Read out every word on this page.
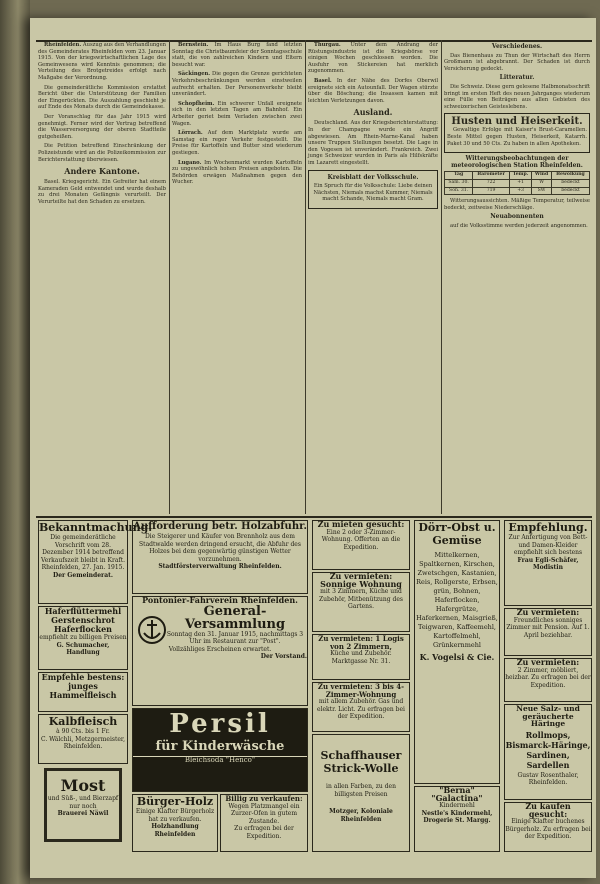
Rheinfelden. Auszug aus den Verhandlungen des Gemeinderates Rheinfelden vom 23. Januar 1915. Von der kriegswirtschaftlichen Lage des Gemeinwesens wird Kenntnis genommen; die Verteilung des Brotgetreides erfolgt nach Maßgabe der Verordnung.

Die gemeinderätliche Kommission erstattet Bericht über die Unterstützung der Familien der Eingerückten. Die Auszahlung geschieht je auf Ende des Monats durch die Gemeindekasse.

Der Voranschlag für das Jahr 1915 wird genehmigt. Ferner wird der Vertrag betreffend die Wasserversorgung der oberen Stadtteile gutgeheißen.

Die Petition betreffend Einschränkung der Polizeistunde wird an die Polizeikommission zur Berichterstattung überwiesen.

Andere Kantone.

Basel. Kriegsgericht. Ein Gefreiter hat einem Kameraden Geld entwendet und wurde deshalb zu drei Monaten Gefängnis verurteilt. Der Verurteilte hat den Schaden zu ersetzen.

Bernstein. Im Haus Burg fand letzten Sonntag die Christbaumfeier der Sonntagsschule statt, die von zahlreichen Kindern und Eltern besucht war.

Säckingen. Die gegen die Grenze gerichteten Verkehrsbeschränkungen werden einstweilen aufrecht erhalten. Der Personenverkehr bleibt unverändert.

Schopfheim. Ein schwerer Unfall ereignete sich in den letzten Tagen am Bahnhof. Ein Arbeiter geriet beim Verladen zwischen zwei Wagen.

Lörrach. Auf dem Marktplatz wurde am Samstag ein reger Verkehr festgestellt. Die Preise für Kartoffeln und Butter sind wiederum gestiegen.

Lugano. Im Wochenmarkt wurden Kartoffeln zu ungewöhnlich hohen Preisen angeboten. Die Behörden erwägen Maßnahmen gegen den Wucher.

Thurgau. Unter dem Andrang der Rüstungsindustrie ist die Kriegsbörse vor einigen Wochen geschlossen worden. Die Ausfuhr von Stickereien hat merklich zugenommen.

Basel. In der Nähe des Dorfes Oberwil ereignete sich ein Autounfall. Der Wagen stürzte über die Böschung; die Insassen kamen mit leichten Verletzungen davon.

Ausland.

Deutschland. Aus der Kriegsberichterstattung: In der Champagne wurde ein Angriff abgewiesen. Am Rhein-Marne-Kanal haben unsere Truppen Stellungen besetzt. Die Lage in den Vogesen ist unverändert. Frankreich. Zwei junge Schweizer wurden in Paris als Hilfskräfte im Lazarett eingestellt.

Kreisblatt der Volksschule.

Ein Spruch für die Volksschule: Liebe deinen Nächsten, Niemals machst Kummer, Niemals macht Schande, Niemals macht Gram.

Verschiedenes.

Das Bienenhaus zu Thun der Wirtschaft des Herrn Großmann ist abgebrannt. Der Schaden ist durch Versicherung gedeckt.

Litteratur.

Die Schweiz. Diese gern gelesene Halbmonatsschrift bringt im ersten Heft des neuen Jahrganges wiederum eine Fülle von Beiträgen aus allen Gebieten des schweizerischen Geisteslebens.

Husten und Heiserkeit.

Gewaltige Erfolge mit Kaiser's Brust-Caramellen. Beste Mittel gegen Husten, Heiserkeit, Katarrh. Paket 30 und 50 Cts. Zu haben in allen Apotheken.

Witterungsbeobachtungen der meteorologischen Station Rheinfelden.
Tag	Barometer	Temp.	Wind	Bewölkung
Sam. 30.	722	+1	W	bedeckt
Son. 31.	719	+3	SW	bedeckt

Witterungsaussichten. Mäßige Temperatur, teilweise bedeckt, zeitweise Niederschläge.

Neuabonnenten

auf die Volksstimme werden jederzeit angenommen.

Bekanntmachung.
Die gemeinderätliche Vorschrift vom 28. Dezember 1914 betreffend Verkaufszeit bleibt in Kraft.
Rheinfelden, 27. Jan. 1915.
Der Gemeinderat.
Haferflüttermehl Gerstenschrot Haferflocken
empfiehlt zu billigen Preisen
G. Schumacher, Handlung
Empfehle bestens: junges Hammelfleisch
Kalbfleisch
à 90 Cts. bis 1 Fr.
C. Wälchli, Metzgermeister, Rheinfelden.
Most
und Süß-, und Bierzapf nur noch
Brauerei Näwil
Aufforderung betr. Holzabfuhr.
Die Steigerer und Käufer von Brennholz aus dem Stadtwalde werden dringend ersucht, die Abfuhr des Holzes bei dem gegenwärtig günstigen Wetter vorzunehmen.
Stadtförsterverwaltung Rheinfelden.
Pontonier-Fahrverein Rheinfelden.
General-Versammlung
Sonntag den 31. Januar 1915, nachmittags 3 Uhr im Restaurant zur "Post".
Vollzähliges Erscheinen erwartet.
Der Vorstand.
Persil
für Kinderwäsche
Bleichsoda "Henco"
Bürger-Holz
Einige Klafter Bürgerholz hat zu verkaufen.
Holzhandlung Rheinfelden
Billig zu verkaufen:
Wegen Platzmangel ein Zurzer-Ofen in gutem Zustande.
Zu erfragen bei der Expedition.
Zu mieten gesucht:
Eine 2 oder 3-Zimmer-Wohnung. Offerten an die Expedition.
Zu vermieten: Sonnige Wohnung
mit 3 Zimmern, Küche und Zubehör, Mitbenützung des Gartens.
Zu vermieten: 1 Logis von 2 Zimmern,
Küche und Zubehör. Marktgasse Nr. 31.
Zu vermieten: 3 bis 4-Zimmer-Wohnung
mit allem Zubehör. Gas und elektr. Licht. Zu erfragen bei der Expedition.
Schaffhauser Strick-Wolle
in allen Farben, zu den billigsten Preisen
Motzger, Koloniale Rheinfelden
Dörr-Obst u. Gemüse
Mittelkernen, Spaltkernen, Kirschen, Zwetschgen, Kastanien, Reis, Rollgerste, Erbsen, grün, Bohnen, Haferflocken, Hafergrütze, Haferkernen, Maisgrieß, Teigwaren, Kaffeemehl, Kartoffelmehl, Grünkernmehl
K. Vogelsi & Cie.
"Berna" "Galactina"
Kindermehl
Nestle's Kindermehl, Drogerie St. Margg.
Empfehlung.
Zur Anfertigung von Bett- und Damen-Kleider empfiehlt sich bestens
Frau Egli-Schäfer, Modistin
Zu vermieten:
Freundliches sonniges Zimmer mit Pension. Auf 1. April beziehbar.
Zu vermieten:
2 Zimmer, möbliert, heizbar. Zu erfragen bei der Expedition.
Neue Salz- und geräucherte Häringe
Rollmops, Bismarck-Häringe, Sardinen, Sardellen
Gustav Rosenthaler, Rheinfelden.
Zu kaufen gesucht:
Einige Klafter buchenes Bürgerholz. Zu erfragen bei der Expedition.
